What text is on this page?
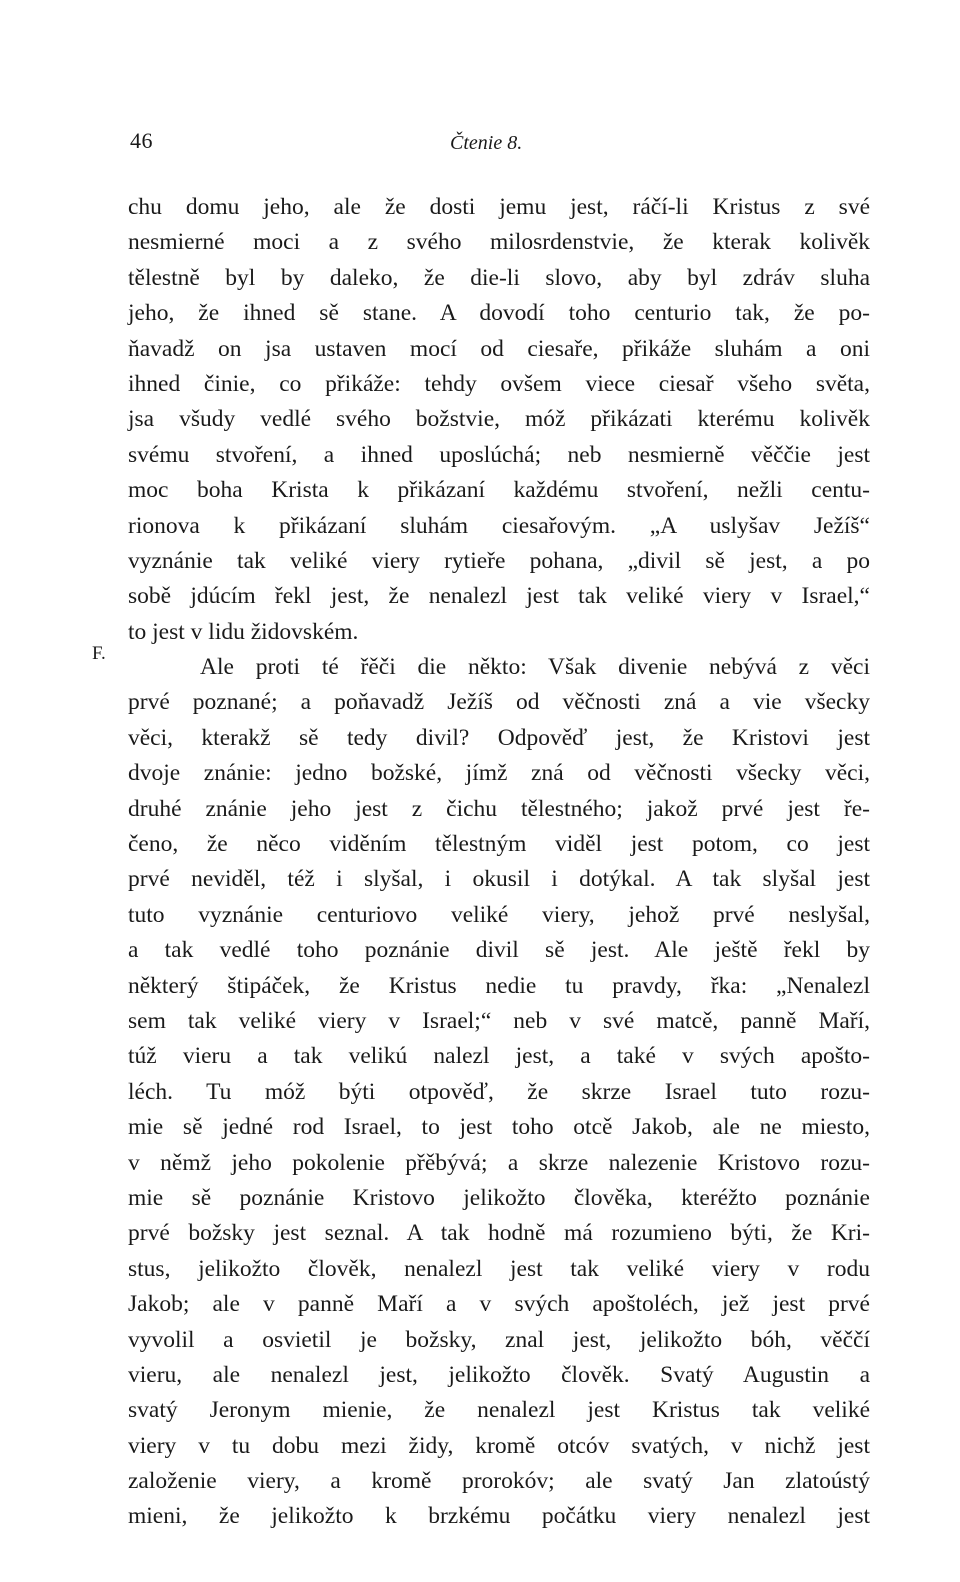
46	Čtenie 8.
F.
chu domu jeho, ale že dosti jemu jest, ráčí-li Kristus z své
nesmierné moci a z svého milosrdenstvie, že kterak kolivěk
tělestně byl by daleko, že die-li slovo, aby byl zdráv sluha
jeho, že ihned sě stane. A dovodí toho centurio tak, že po-
ňavadž on jsa ustaven mocí od ciesaře, přikáže sluhám a oni
ihned činie, co přikáže: tehdy ovšem viece ciesař všeho světa,
jsa všudy vedlé svého božstvie, móž přikázati kterému kolivěk
svému stvoření, a ihned uposlúchá; neb nesmierně věččie jest
moc boha Krista k přikázaní každému stvoření, nežli centu-
rionova k přikázaní sluhám ciesařovým. „A uslyšav Ježíš“
vyznánie tak veliké viery rytieře pohana, „divil sě jest, a po
sobě jdúcím řekl jest, že nenalezl jest tak veliké viery v Israel,“
to jest v lidu židovském.
Ale proti té řěči die někto: Však divenie nebývá z věci
prvé poznané; a poňavadž Ježíš od věčnosti zná a vie všecky
věci, kterakž sě tedy divil? Odpověď jest, že Kristovi jest
dvoje znánie: jedno božské, jímž zná od věčnosti všecky věci,
druhé znánie jeho jest z čichu tělestného; jakož prvé jest ře-
čeno, že něco viděním tělestným viděl jest potom, co jest
prvé neviděl, též i slyšal, i okusil i dotýkal. A tak slyšal jest
tuto vyznánie centuriovo veliké viery, jehož prvé neslyšal,
a tak vedlé toho poznánie divil sě jest. Ale ještě řekl by
některý štipáček, že Kristus nedie tu pravdy, řka: „Nenalezl
sem tak veliké viery v Israel;“ neb v své matcě, panně Maří,
túž vieru a tak velikú nalezl jest, a také v svých apošto-
léch. Tu móž býti otpověď, že skrze Israel tuto rozu-
mie sě jedné rod Israel, to jest toho otcě Jakob, ale ne miesto,
v němž jeho pokolenie přěbývá; a skrze nalezenie Kristovo rozu-
mie sě poznánie Kristovo jelikožto člověka, kteréžto poznánie
prvé božsky jest seznal. A tak hodně má rozumieno býti, že Kri-
stus, jelikožto člověk, nenalezl jest tak veliké viery v rodu
Jakob; ale v panně Maří a v svých apoštoléch, jež jest prvé
vyvolil a osvietil je božsky, znal jest, jelikožto bóh, věččí
vieru, ale nenalezl jest, jelikožto člověk. Svatý Augustin a
svatý Jeronym mienie, že nenalezl jest Kristus tak veliké
viery v tu dobu mezi židy, kromě otcóv svatých, v nichž jest
založenie viery, a kromě prorokóv; ale svatý Jan zlatoústý
mieni, že jelikožto k brzkému počátku viery nenalezl jest
